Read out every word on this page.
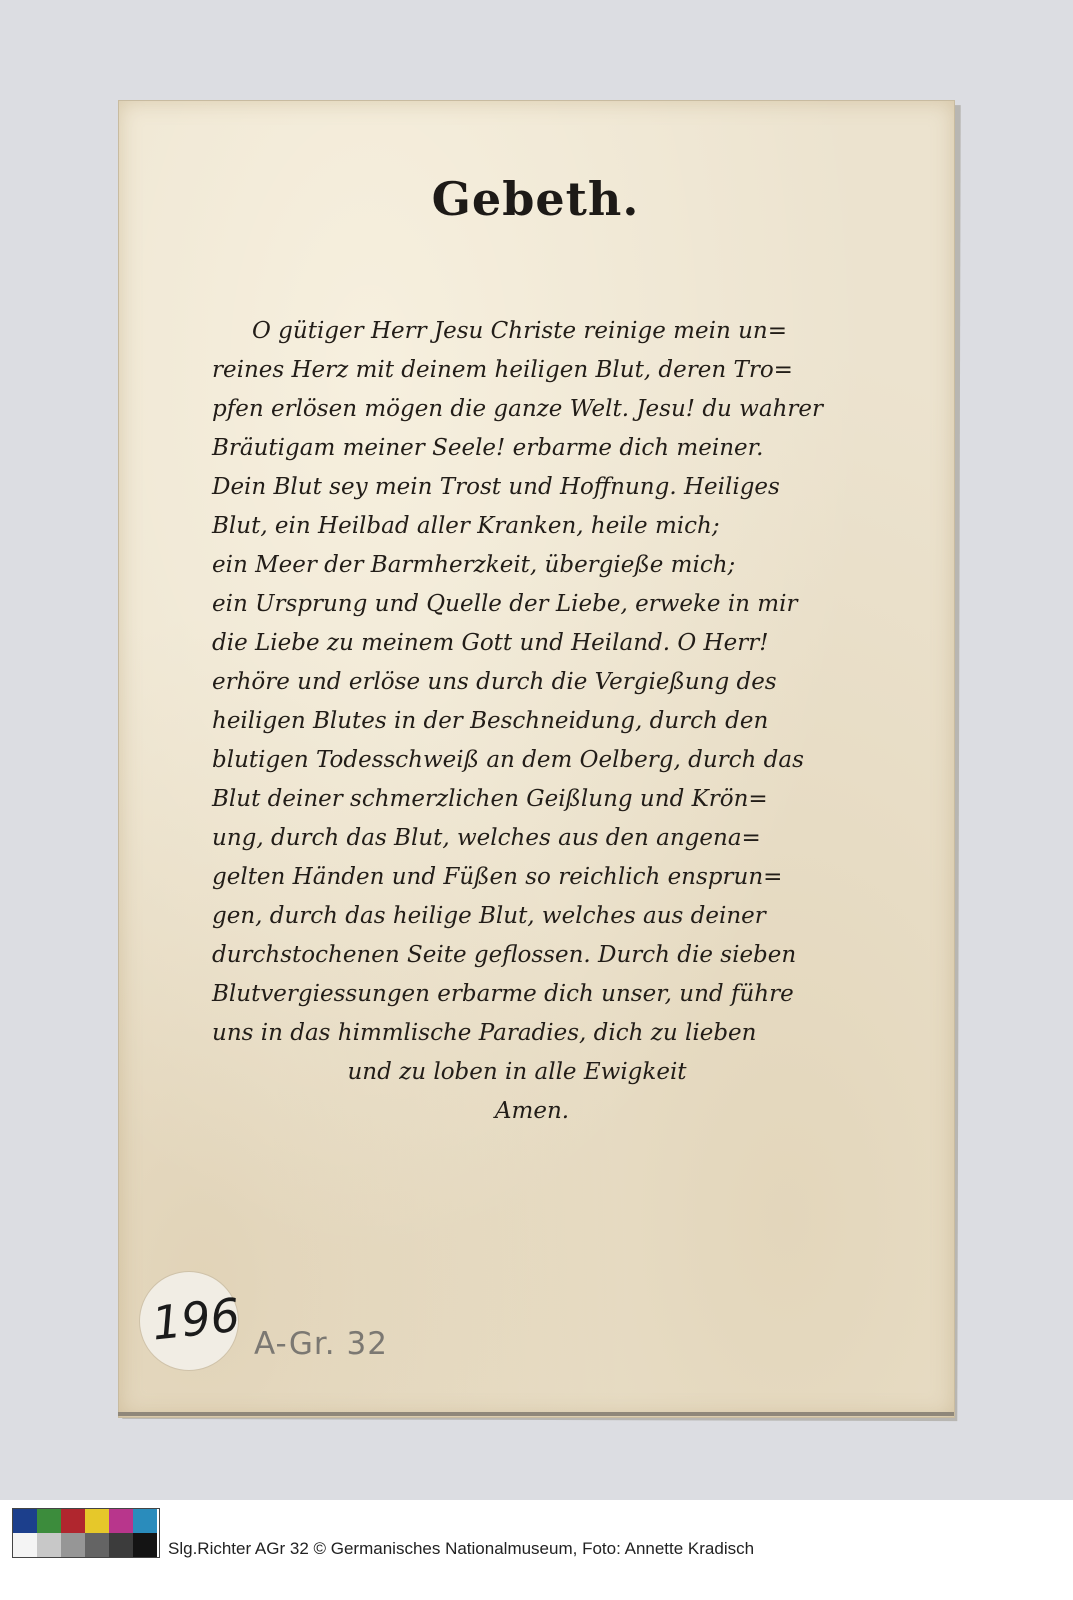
Gebeth.
O gütiger Herr Jesu Christe reinige mein un=
reines Herz mit deinem heiligen Blut, deren Tro=
pfen erlösen mögen die ganze Welt. Jesu! du wahrer
Bräutigam meiner Seele! erbarme dich meiner.
Dein Blut sey mein Trost und Hoffnung. Heiliges
Blut, ein Heilbad aller Kranken, heile mich;
ein Meer der Barmherzkeit, übergieße mich;
ein Ursprung und Quelle der Liebe, erweke in mir
die Liebe zu meinem Gott und Heiland. O Herr!
erhöre und erlöse uns durch die Vergießung des
heiligen Blutes in der Beschneidung, durch den
blutigen Todesschweiß an dem Oelberg, durch das
Blut deiner schmerzlichen Geißlung und Krön=
ung, durch das Blut, welches aus den angena=
gelten Händen und Füßen so reichlich ensprun=
gen, durch das heilige Blut, welches aus deiner
durchstochenen Seite geflossen. Durch die sieben
Blutvergiessungen erbarme dich unser, und führe
uns in das himmlische Paradies, dich zu lieben
und zu loben in alle Ewigkeit
Amen.
196 A-Gr. 32
Slg.Richter AGr 32 © Germanisches Nationalmuseum, Foto: Annette Kradisch
